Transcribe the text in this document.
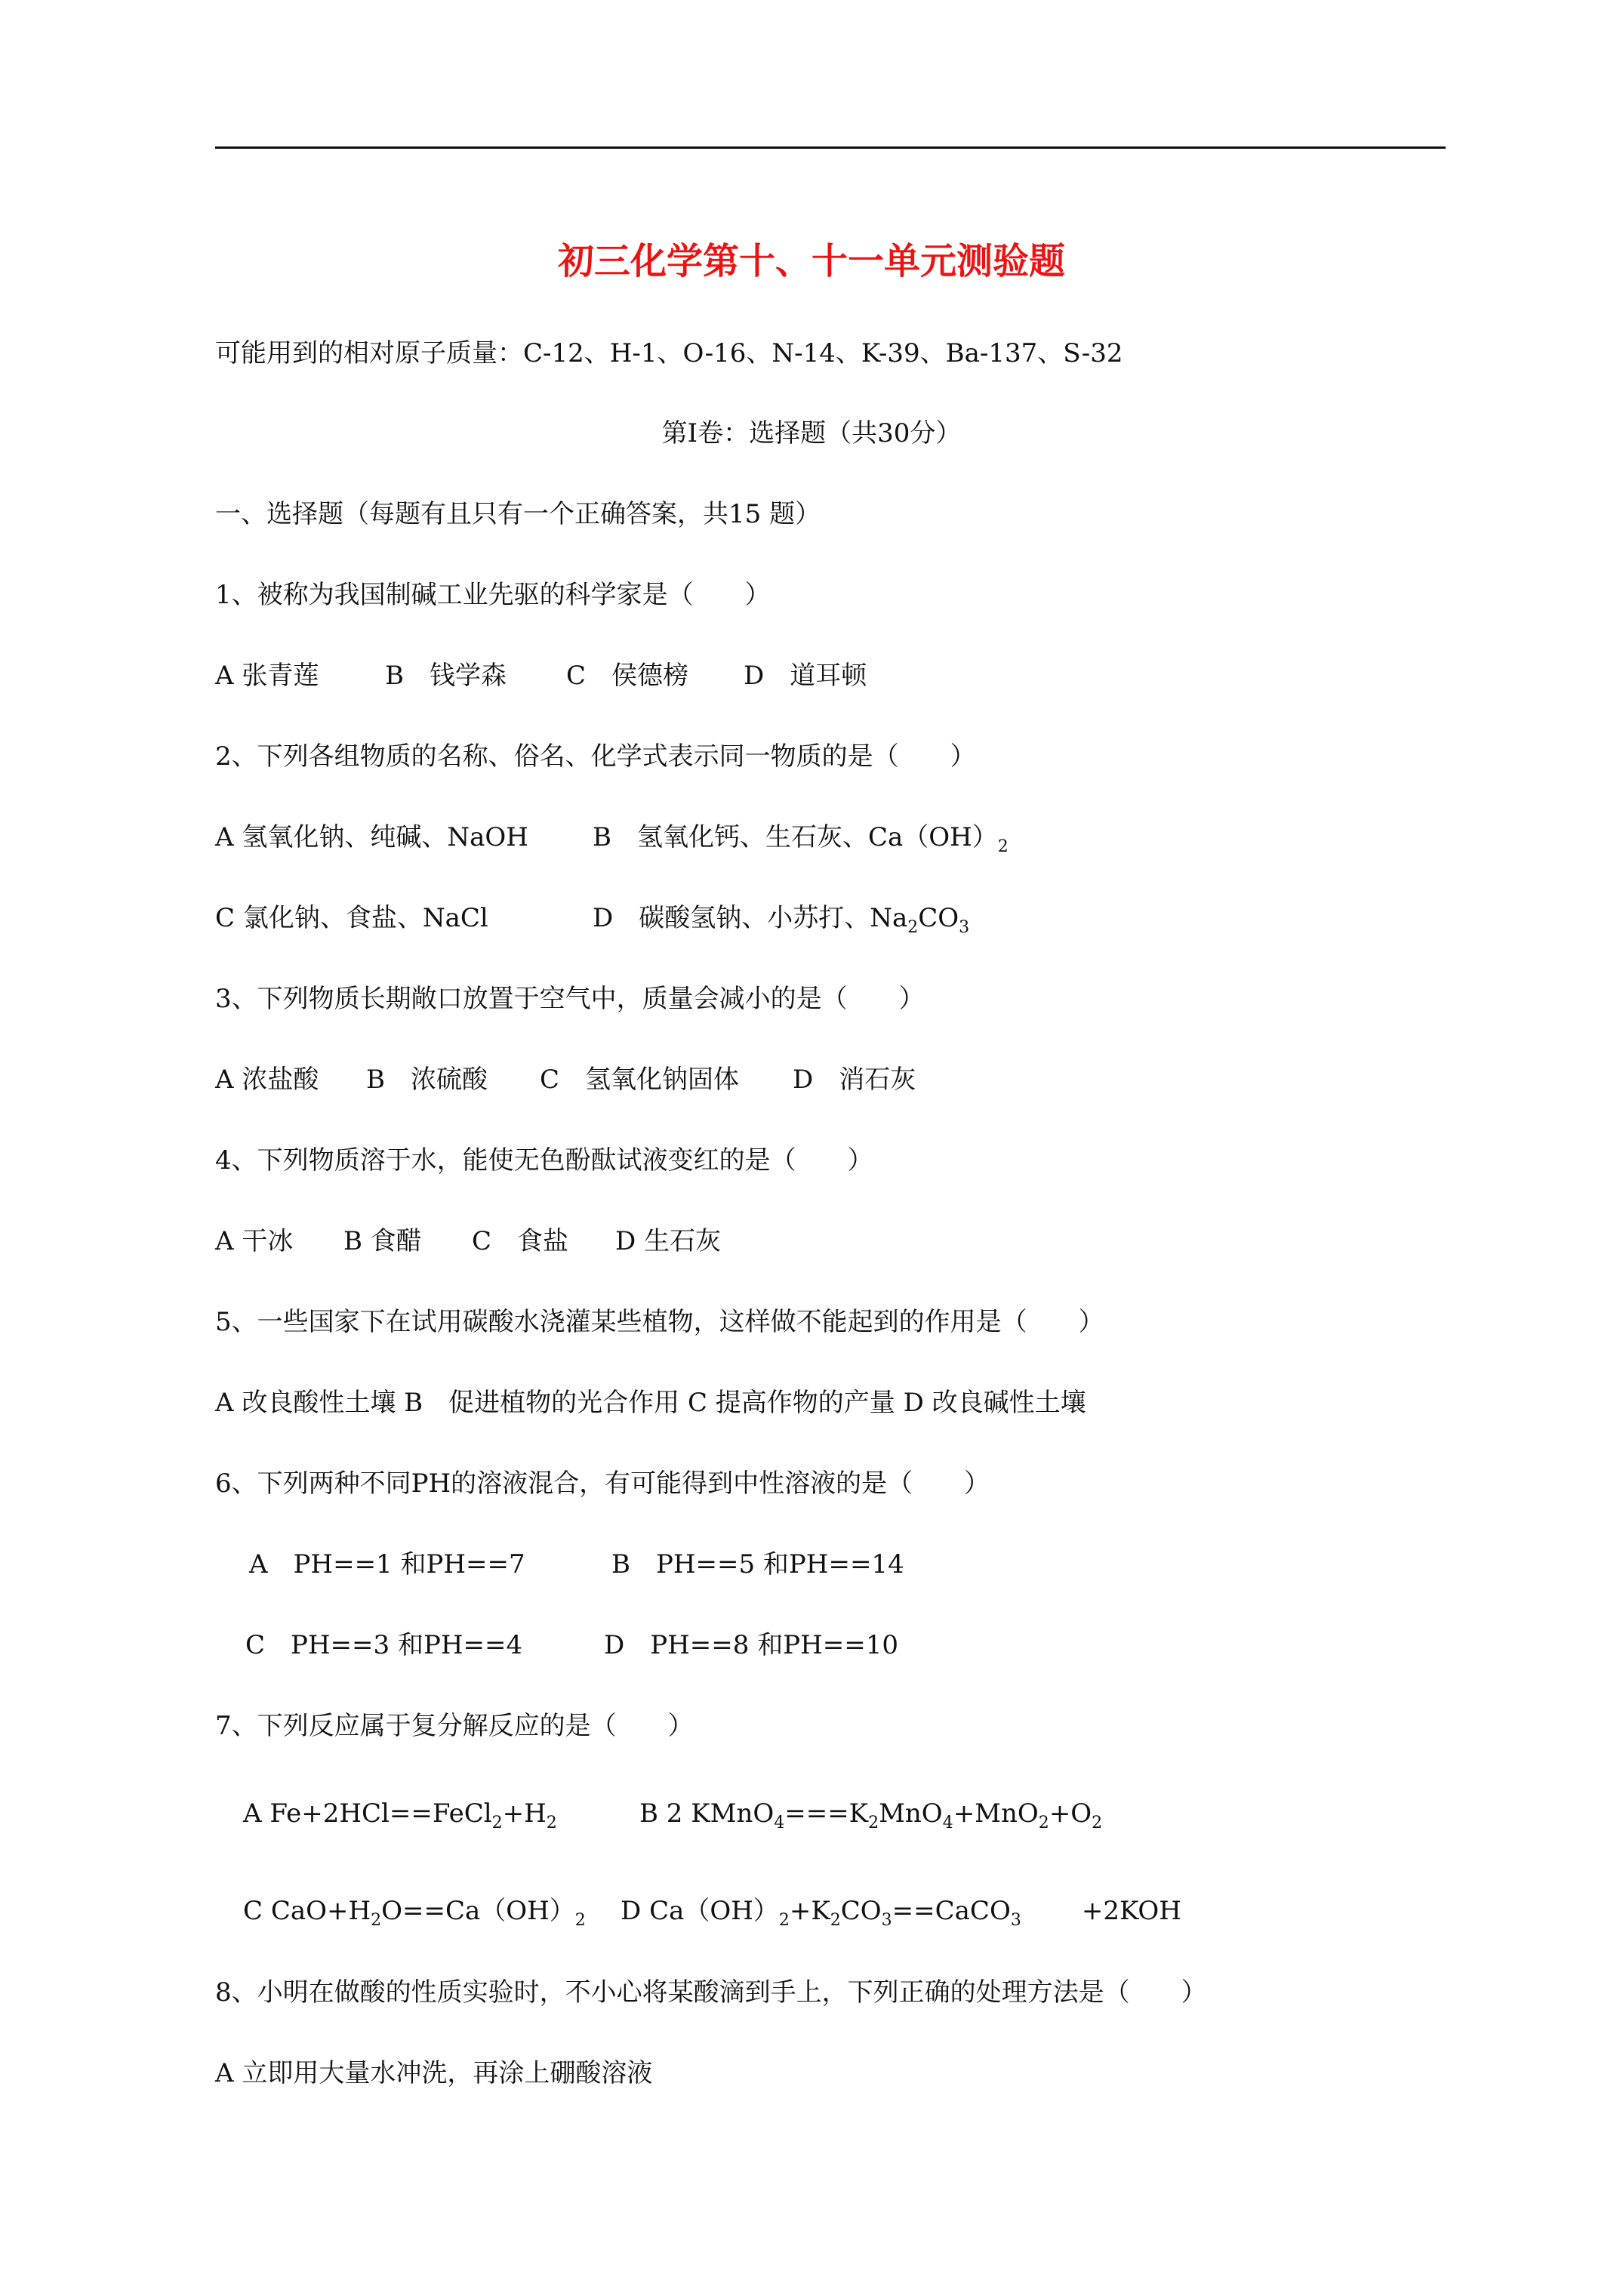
初三化学第十、十一单元测验题
可能用到的相对原子质量：C-12、H-1、O-16、N-14、K-39、Ba-137、S-32
第Ⅰ卷：选择题（共30分）
一、选择题（每题有且只有一个正确答案，共15 题）
1、被称为我国制碱工业先驱的科学家是（　　）
A 张青莲	B　钱学森 C　侯德榜 D　道耳顿
2、下列各组物质的名称、俗名、化学式表示同一物质的是（　　）
A 氢氧化钠、纯碱、NaOH	B　氢氧化钙、生石灰、$Ca(OH)_2$
C 氯化钠、食盐、NaCl	D　碳酸氢钠、小苏打、$Na_2CO_3$
3、下列物质长期敞口放置于空气中，质量会减小的是（　　）
A 浓盐酸 B　浓硫酸 C　氢氧化钠固体 D　消石灰
4、下列物质溶于水，能使无色酚酞试液变红的是（　　）
A 干冰 B 食醋 C　食盐 D 生石灰
5、一些国家下在试用碳酸水浇灌某些植物，这样做不能起到的作用是（　　）
A 改良酸性土壤 B　促进植物的光合作用 C 提高作物的产量 D 改良碱性土壤
6、下列两种不同PH的溶液混合，有可能得到中性溶液的是（　　）
A　PH==1 和PH==7	B　PH==5 和PH==14
C　PH==3 和PH==4	D　PH==8 和PH==10
7、下列反应属于复分解反应的是（　　）
A $Fe+2HCl==FeCl_2+H_2$	B 2 $KMnO_4===K_2MnO_4+MnO_2+O_2$
C $CaO+H_2O==Ca(OH)_2$ D $Ca(OH)_2+K_2CO_3==CaCO_3 +2KOH$
8、小明在做酸的性质实验时，不小心将某酸滴到手上，下列正确的处理方法是（　　）
A 立即用大量水冲洗，再涂上硼酸溶液
